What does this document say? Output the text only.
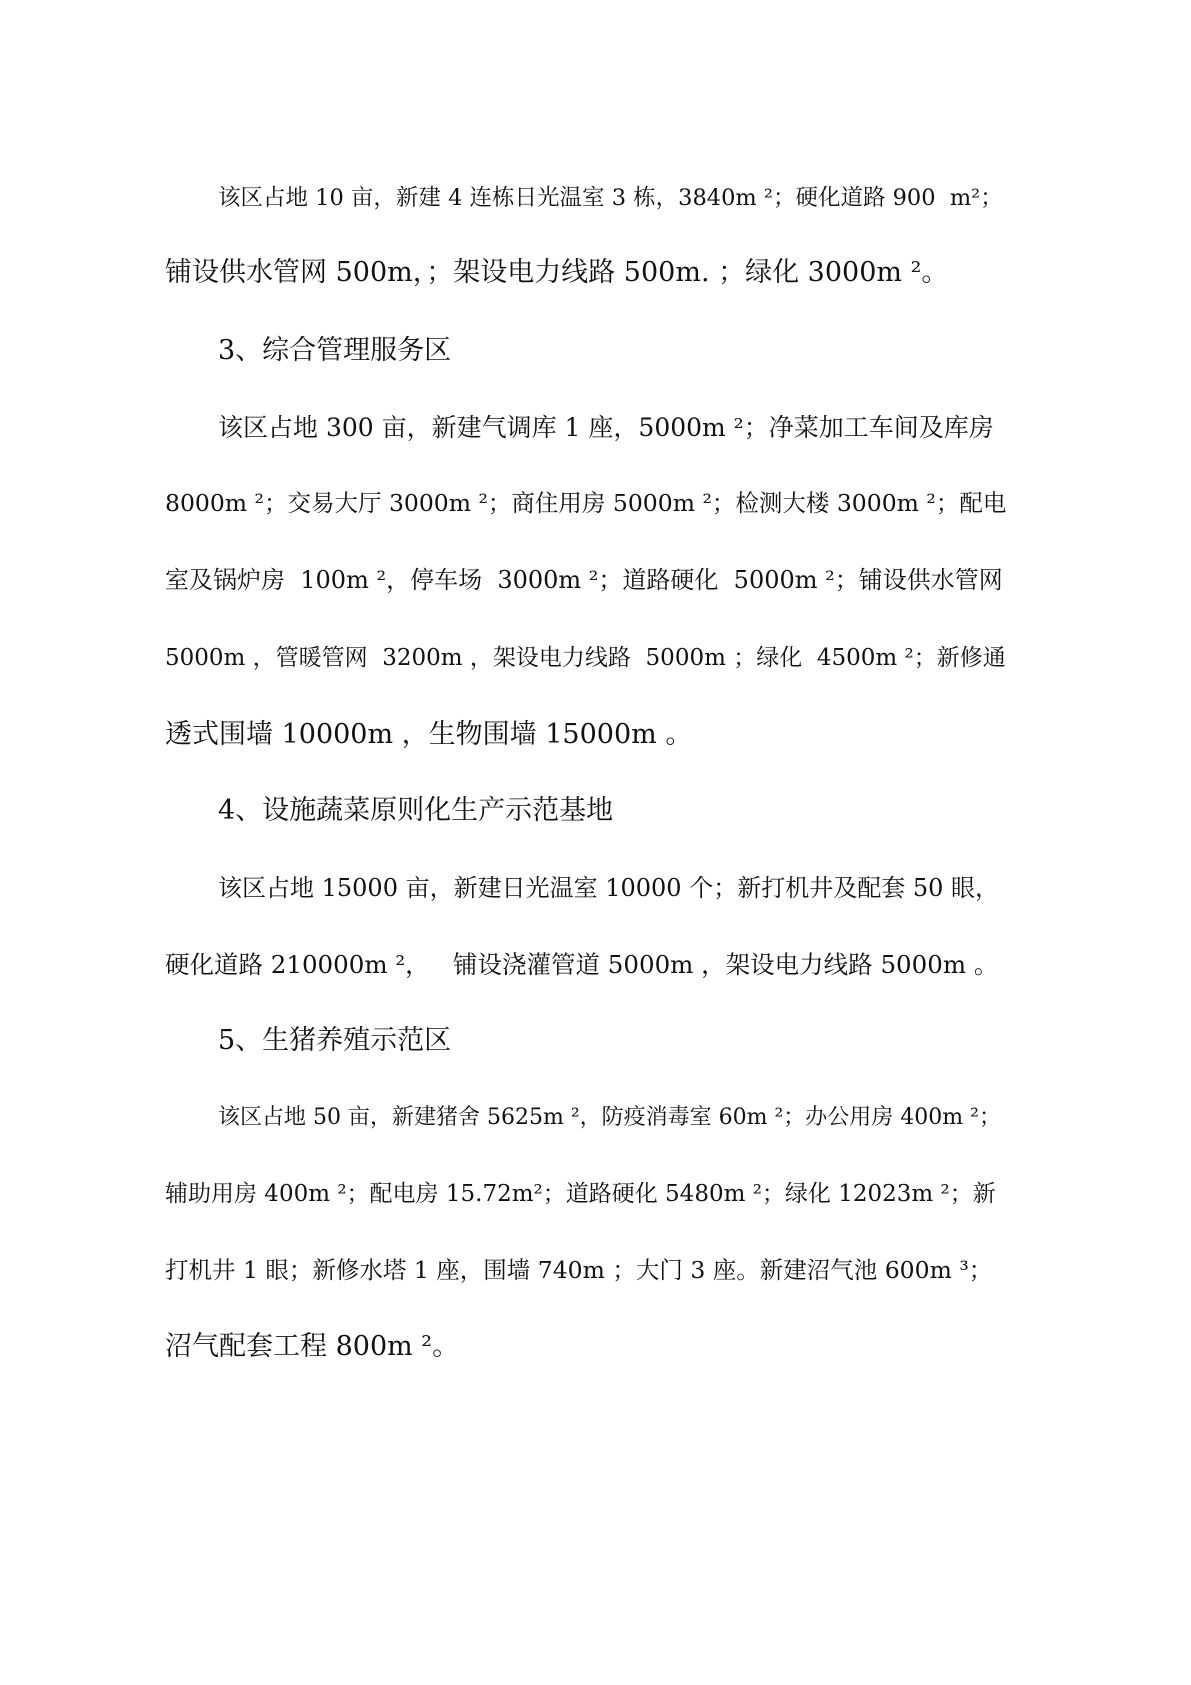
该区占地 10 亩，新建 4 连栋日光温室 3 栋，3840m ²；硬化道路 900  m²；

铺设供水管网 500m，；架设电力线路 500m. ；绿化 3000m ²。

3、综合管理服务区

该区占地 300 亩，新建气调库 1 座，5000m ²；净菜加工车间及库房

8000m ²；交易大厅 3000m ²；商住用房 5000m ²；检测大楼 3000m ²；配电

室及锅炉房  100m ²，停车场  3000m ²；道路硬化  5000m ²；铺设供水管网

5000m ，管暖管网  3200m ，架设电力线路  5000m ；绿化  4500m ²；新修通

透式围墙 10000m ，生物围墙 15000m 。

4、设施蔬菜原则化生产示范基地

该区占地 15000 亩，新建日光温室 10000 个；新打机井及配套 50 眼，

硬化道路 210000m ²，   铺设浇灌管道 5000m ，架设电力线路 5000m 。

5、生猪养殖示范区

该区占地 50 亩，新建猪舍 5625m ²，防疫消毒室 60m ²；办公用房 400m ²；

辅助用房 400m ²；配电房 15.72m²；道路硬化 5480m ²；绿化 12023m ²；新

打机井 1 眼；新修水塔 1 座，围墙 740m ；大门 3 座。新建沼气池 600m ³；

沼气配套工程 800m ²。
